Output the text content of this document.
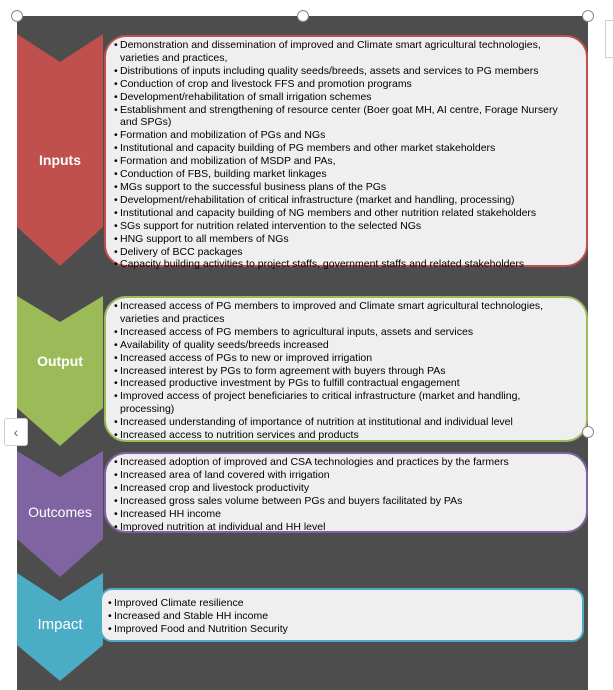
Inputs
• Demonstration and dissemination of improved and Climate smart agricultural technologies, varieties and practices,
• Distributions of inputs including quality seeds/breeds, assets and services to PG members
• Conduction of crop and livestock FFS and promotion programs
• Development/rehabilitation of small irrigation schemes
• Establishment and strengthening of resource center (Boer goat MH, AI centre, Forage Nursery and SPGs)
• Formation and mobilization of PGs and NGs
• Institutional and capacity building of PG members and other market stakeholders
• Formation and mobilization of MSDP and PAs,
• Conduction of FBS, building market linkages
• MGs support to the successful business plans of the PGs
• Development/rehabilitation of critical infrastructure (market and handling, processing)
• Institutional and capacity building of NG members and other nutrition related stakeholders
• SGs support for nutrition related intervention to the selected NGs
• HNG support to all members of NGs
• Delivery of BCC packages
• Capacity building activities to project staffs, government staffs and related stakeholders
Output
• Increased access of PG members to improved and Climate smart agricultural technologies, varieties and practices
• Increased access of PG members to agricultural inputs, assets and services
• Availability of quality seeds/breeds increased
• Increased access of PGs to new or improved irrigation
• Increased interest by PGs to form agreement with buyers through PAs
• Increased productive investment by PGs to fulfill contractual engagement
• Improved access of project beneficiaries to critical infrastructure (market and handling, processing)
• Increased understanding of importance of nutrition at institutional and individual level
• Increased access to nutrition services and products
Outcomes
• Increased adoption of improved and CSA technologies and practices by the farmers
• Increased area of land covered with irrigation
• Increased crop and livestock productivity
• Increased gross sales volume between PGs and buyers facilitated by PAs
• Increased HH income
• Improved nutrition at individual and HH level
Impact
• Improved Climate resilience
• Increased and Stable HH income
• Improved Food and Nutrition Security
‹
